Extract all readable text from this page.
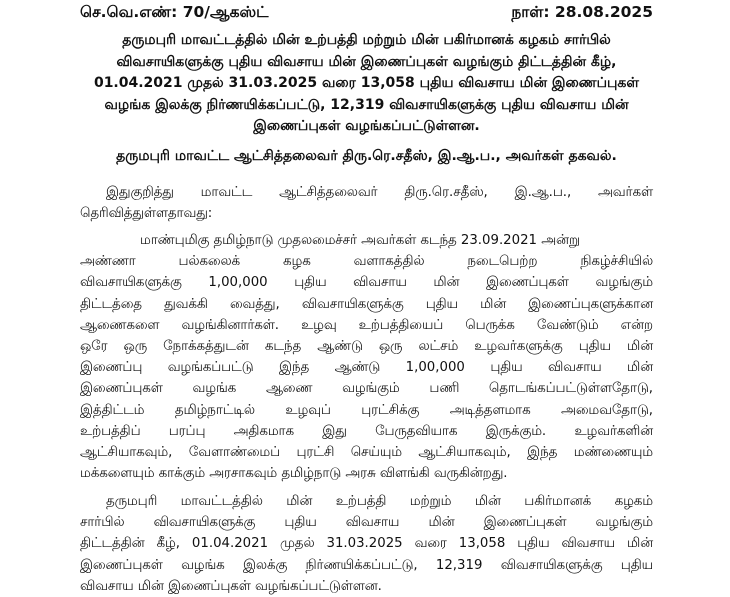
செ.வெ.எண்: 70/ஆகஸ்ட்	நாள்: 28.08.2025

தருமபுரி மாவட்டத்தில் மின் உற்பத்தி மற்றும் மின் பகிர்மானக் கழகம் சார்பில்

விவசாயிகளுக்கு புதிய விவசாய மின் இணைப்புகள் வழங்கும் திட்டத்தின் கீழ்,

01.04.2021 முதல் 31.03.2025 வரை 13,058 புதிய விவசாய மின் இணைப்புகள்

வழங்க இலக்கு நிர்ணயிக்கப்பட்டு, 12,319 விவசாயிகளுக்கு புதிய விவசாய மின்

இணைப்புகள் வழங்கப்பட்டுள்ளன.

தருமபுரி மாவட்ட ஆட்சித்தலைவர் திரு.ரெ.சதீஸ், இ.ஆ.ப., அவர்கள் தகவல்.

இதுகுறித்து மாவட்ட ஆட்சித்தலைவர் திரு.ரெ.சதீஸ், இ.ஆ.ப., அவர்கள்

தெரிவித்துள்ளதாவது:

மாண்புமிகு தமிழ்நாடு முதலமைச்சர் அவர்கள் கடந்த 23.09.2021 அன்று

அண்ணா பல்கலைக் கழக வளாகத்தில் நடைபெற்ற நிகழ்ச்சியில்

விவசாயிகளுக்கு 1,00,000 புதிய விவசாய மின் இணைப்புகள் வழங்கும்

திட்டத்தை துவக்கி வைத்து, விவசாயிகளுக்கு புதிய மின் இணைப்புகளுக்கான

ஆணைகளை வழங்கினார்கள். உழவு உற்பத்தியைப் பெருக்க வேண்டும் என்ற

ஒரே ஒரு நோக்கத்துடன் கடந்த ஆண்டு ஒரு லட்சம் உழவர்களுக்கு புதிய மின்

இணைப்பு வழங்கப்பட்டு இந்த ஆண்டு 1,00,000 புதிய விவசாய மின்

இணைப்புகள் வழங்க ஆணை வழங்கும் பணி தொடங்கப்பட்டுள்ளதோடு,

இத்திட்டம் தமிழ்நாட்டில் உழவுப் புரட்சிக்கு அடித்தளமாக அமைவதோடு,

உற்பத்திப் பரப்பு அதிகமாக இது பேருதவியாக இருக்கும். உழவர்களின்

ஆட்சியாகவும், வேளாண்மைப் புரட்சி செய்யும் ஆட்சியாகவும், இந்த மண்ணையும்

மக்களையும் காக்கும் அரசாகவும் தமிழ்நாடு அரசு விளங்கி வருகின்றது.

தருமபுரி மாவட்டத்தில் மின் உற்பத்தி மற்றும் மின் பகிர்மானக் கழகம்

சார்பில் விவசாயிகளுக்கு புதிய விவசாய மின் இணைப்புகள் வழங்கும்

திட்டத்தின் கீழ், 01.04.2021 முதல் 31.03.2025 வரை 13,058 புதிய விவசாய மின்

இணைப்புகள் வழங்க இலக்கு நிர்ணயிக்கப்பட்டு, 12,319 விவசாயிகளுக்கு புதிய

விவசாய மின் இணைப்புகள் வழங்கப்பட்டுள்ளன.
